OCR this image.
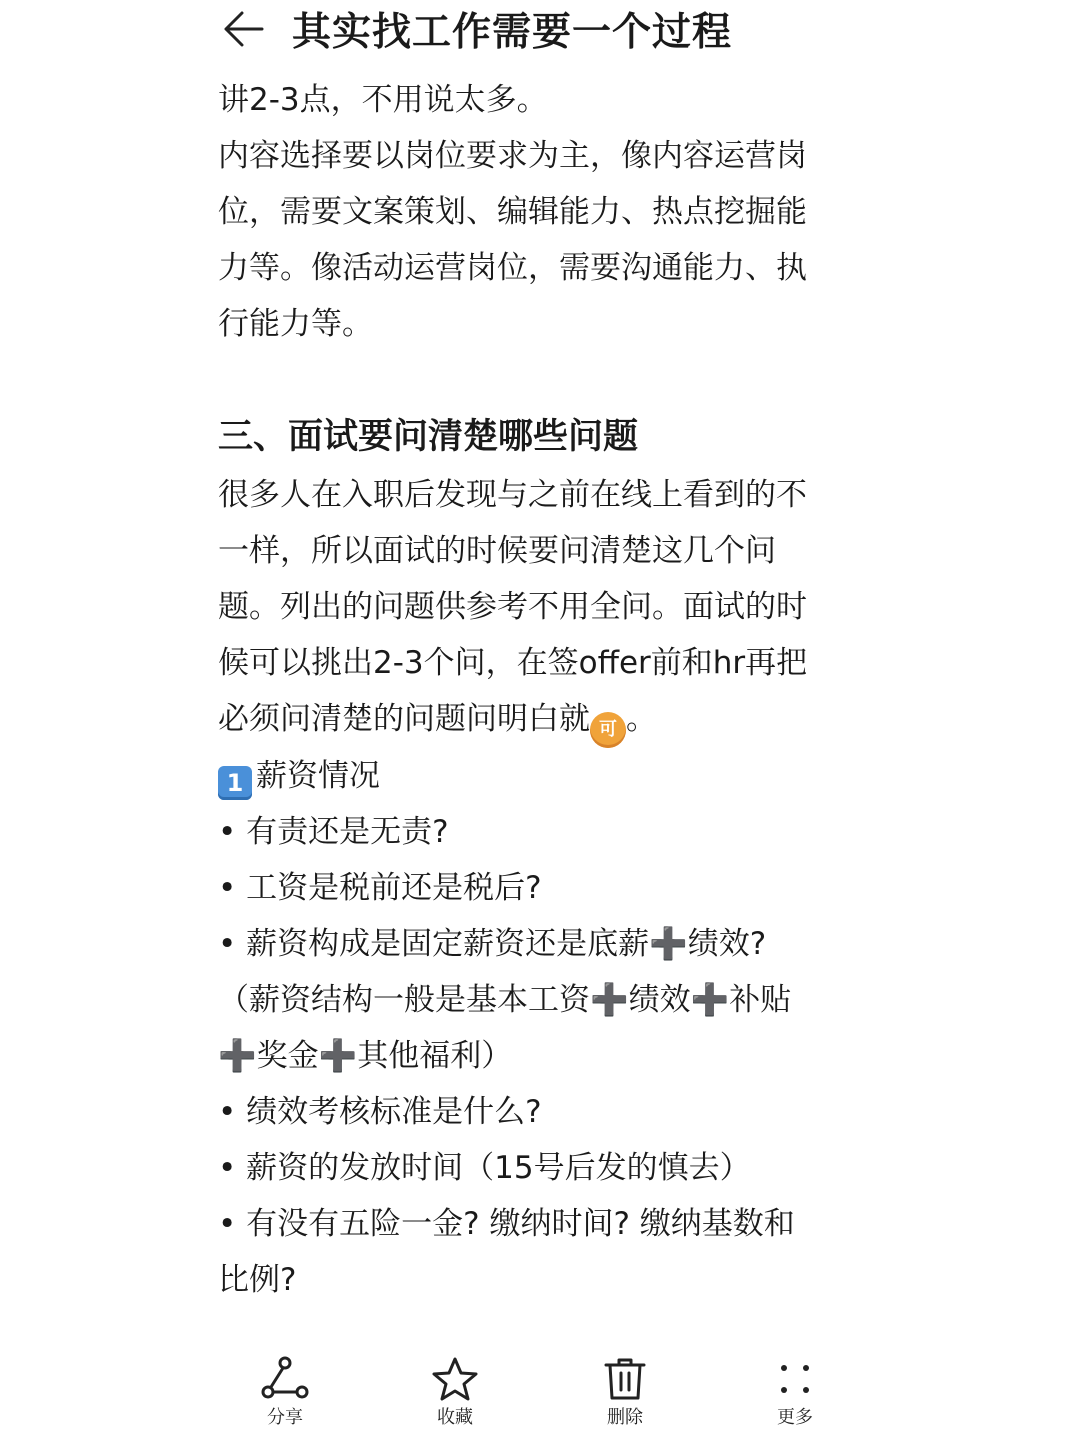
其实找工作需要一个过程
讲2-3点，不用说太多。
内容选择要以岗位要求为主，像内容运营岗
位，需要文案策划、编辑能力、热点挖掘能
力等。像活动运营岗位，需要沟通能力、执
行能力等。
三、面试要问清楚哪些问题
很多人在入职后发现与之前在线上看到的不
一样，所以面试的时候要问清楚这几个问
题。列出的问题供参考不用全问。面试的时
候可以挑出2-3个问，在签offer前和hr再把
必须问清楚的问题问明白就 可 。
1 薪资情况
• 有责还是无责?
• 工资是税前还是税后?
• 薪资构成是固定薪资还是底薪➕绩效?
（薪资结构一般是基本工资➕绩效➕补贴
➕奖金➕其他福利）
• 绩效考核标准是什么?
• 薪资的发放时间（15号后发的慎去）
• 有没有五险一金? 缴纳时间? 缴纳基数和
比例?
分享	收藏	删除	更多
